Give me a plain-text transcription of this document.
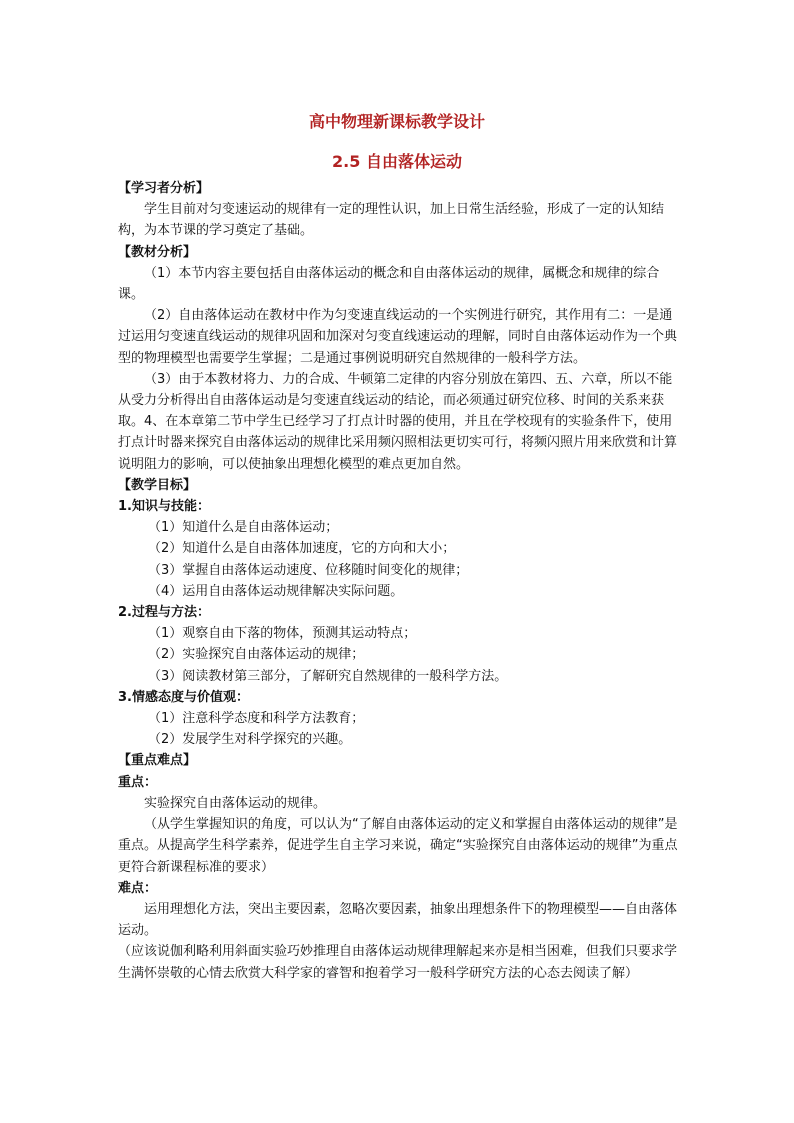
高中物理新课标教学设计
2.5 自由落体运动

【学习者分析】

学生目前对匀变速运动的规律有一定的理性认识，加上日常生活经验，形成了一定的认知结构，为本节课的学习奠定了基础。

【教材分析】

（1）本节内容主要包括自由落体运动的概念和自由落体运动的规律，属概念和规律的综合课。

（2）自由落体运动在教材中作为匀变速直线运动的一个实例进行研究，其作用有二：一是通过运用匀变速直线运动的规律巩固和加深对匀变直线速运动的理解，同时自由落体运动作为一个典型的物理模型也需要学生掌握；二是通过事例说明研究自然规律的一般科学方法。

（3）由于本教材将力、力的合成、牛顿第二定律的内容分别放在第四、五、六章，所以不能从受力分析得出自由落体运动是匀变速直线运动的结论，而必须通过研究位移、时间的关系来获取。4、在本章第二节中学生已经学习了打点计时器的使用，并且在学校现有的实验条件下，使用打点计时器来探究自由落体运动的规律比采用频闪照相法更切实可行，将频闪照片用来欣赏和计算说明阻力的影响，可以使抽象出理想化模型的难点更加自然。

【教学目标】

1.知识与技能：

（1）知道什么是自由落体运动；

（2）知道什么是自由落体加速度，它的方向和大小；

（3）掌握自由落体运动速度、位移随时间变化的规律；

（4）运用自由落体运动规律解决实际问题。

2.过程与方法：

（1）观察自由下落的物体，预测其运动特点；

（2）实验探究自由落体运动的规律；

（3）阅读教材第三部分，了解研究自然规律的一般科学方法。

3.情感态度与价值观：

（1）注意科学态度和科学方法教育；

（2）发展学生对科学探究的兴趣。

【重点难点】

重点：

实验探究自由落体运动的规律。

（从学生掌握知识的角度，可以认为“了解自由落体运动的定义和掌握自由落体运动的规律”是重点。从提高学生科学素养，促进学生自主学习来说，确定“实验探究自由落体运动的规律”为重点更符合新课程标准的要求）

难点：

运用理想化方法，突出主要因素，忽略次要因素，抽象出理想条件下的物理模型——自由落体运动。

（应该说伽利略利用斜面实验巧妙推理自由落体运动规律理解起来亦是相当困难，但我们只要求学生满怀崇敬的心情去欣赏大科学家的睿智和抱着学习一般科学研究方法的心态去阅读了解）
